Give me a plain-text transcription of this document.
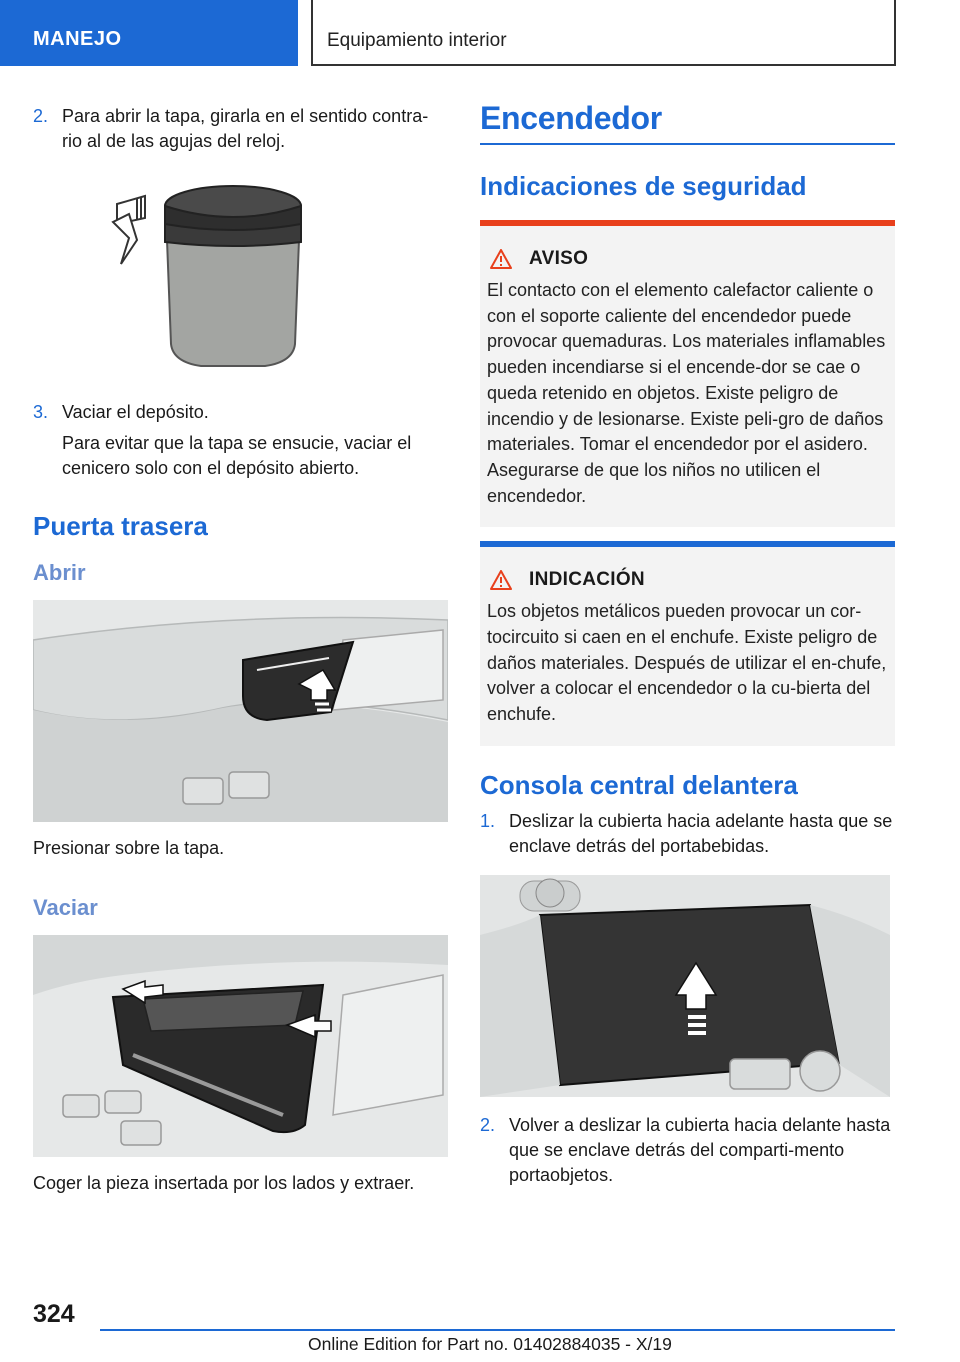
MANEJO	Equipamiento interior
2. Para abrir la tapa, girarla en el sentido contra-rio al de las agujas del reloj.

3. Vaciar el depósito.

Para evitar que la tapa se ensucie, vaciar el cenicero solo con el depósito abierto.

Puerta trasera
Abrir

Presionar sobre la tapa.

Vaciar

Coger la pieza insertada por los lados y extraer.

Encendedor
Indicaciones de seguridad
AVISO

El contacto con el elemento calefactor caliente o con el soporte caliente del encendedor puede provocar quemaduras. Los materiales inflamables pueden incendiarse si el encende-dor se cae o queda retenido en objetos. Existe peligro de incendio y de lesionarse. Existe peli-gro de daños materiales. Tomar el encendedor por el asidero. Asegurarse de que los niños no utilicen el encendedor.

INDICACIÓN

Los objetos metálicos pueden provocar un cor-tocircuito si caen en el enchufe. Existe peligro de daños materiales. Después de utilizar el en-chufe, volver a colocar el encendedor o la cu-bierta del enchufe.

Consola central delantera
1. Deslizar la cubierta hacia adelante hasta que se enclave detrás del portabebidas.

2. Volver a deslizar la cubierta hacia delante hasta que se enclave detrás del comparti-mento portaobjetos.

324
Online Edition for Part no. 01402884035 - X/19
